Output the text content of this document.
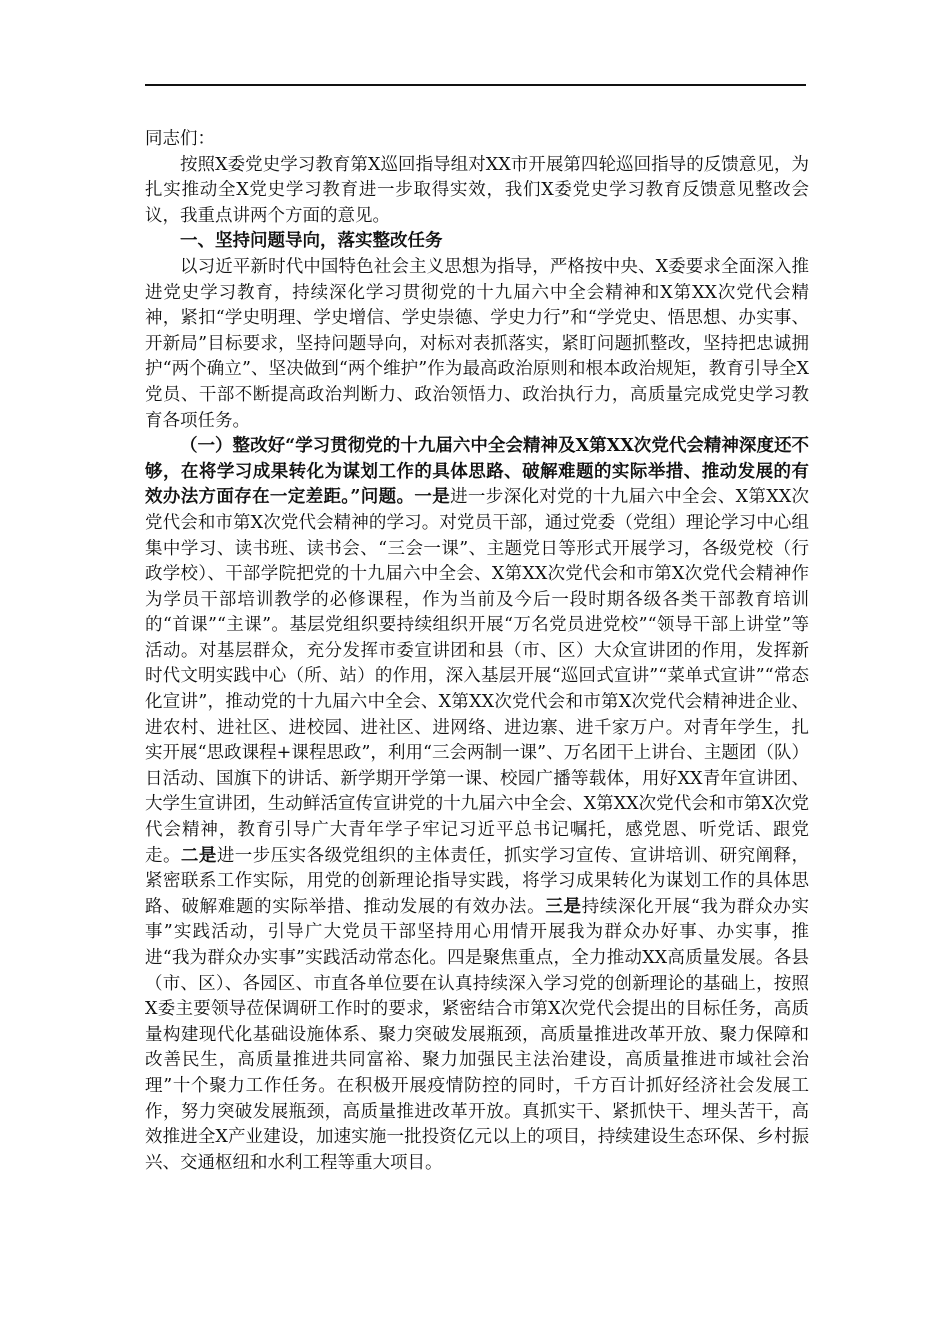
同志们：

按照X委党史学习教育第X巡回指导组对XX市开展第四轮巡回指导的反馈意见，为扎实推动全X党史学习教育进一步取得实效，我们X委党史学习教育反馈意见整改会议，我重点讲两个方面的意见。

一、坚持问题导向，落实整改任务

以习近平新时代中国特色社会主义思想为指导，严格按中央、X委要求全面深入推进党史学习教育，持续深化学习贯彻党的十九届六中全会精神和X第XX次党代会精神，紧扣“学史明理、学史增信、学史崇德、学史力行”和“学党史、悟思想、办实事、开新局”目标要求，坚持问题导向，对标对表抓落实，紧盯问题抓整改，坚持把忠诚拥护“两个确立”、坚决做到“两个维护”作为最高政治原则和根本政治规矩，教育引导全X党员、干部不断提高政治判断力、政治领悟力、政治执行力，高质量完成党史学习教育各项任务。

（一）整改好“学习贯彻党的十九届六中全会精神及X第XX次党代会精神深度还不够，在将学习成果转化为谋划工作的具体思路、破解难题的实际举措、推动发展的有效办法方面存在一定差距。”问题。一是进一步深化对党的十九届六中全会、X第XX次党代会和市第X次党代会精神的学习。对党员干部，通过党委（党组）理论学习中心组集中学习、读书班、读书会、“三会一课”、主题党日等形式开展学习，各级党校（行政学校）、干部学院把党的十九届六中全会、X第XX次党代会和市第X次党代会精神作为学员干部培训教学的必修课程，作为当前及今后一段时期各级各类干部教育培训的“首课”“主课”。基层党组织要持续组织开展“万名党员进党校”“领导干部上讲堂”等活动。对基层群众，充分发挥市委宣讲团和县（市、区）大众宣讲团的作用，发挥新时代文明实践中心（所、站）的作用，深入基层开展“巡回式宣讲”“菜单式宣讲”“常态化宣讲”，推动党的十九届六中全会、X第XX次党代会和市第X次党代会精神进企业、进农村、进社区、进校园、进社区、进网络、进边寨、进千家万户。对青年学生，扎实开展“思政课程+课程思政”，利用“三会两制一课”、万名团干上讲台、主题团（队）日活动、国旗下的讲话、新学期开学第一课、校园广播等载体，用好XX青年宣讲团、大学生宣讲团，生动鲜活宣传宣讲党的十九届六中全会、X第XX次党代会和市第X次党代会精神，教育引导广大青年学子牢记习近平总书记嘱托，感党恩、听党话、跟党走。二是进一步压实各级党组织的主体责任，抓实学习宣传、宣讲培训、研究阐释，紧密联系工作实际，用党的创新理论指导实践，将学习成果转化为谋划工作的具体思路、破解难题的实际举措、推动发展的有效办法。三是持续深化开展“我为群众办实事”实践活动，引导广大党员干部坚持用心用情开展我为群众办好事、办实事，推进“我为群众办实事”实践活动常态化。四是聚焦重点，全力推动XX高质量发展。各县（市、区）、各园区、市直各单位要在认真持续深入学习党的创新理论的基础上，按照X委主要领导莅保调研工作时的要求，紧密结合市第X次党代会提出的目标任务，高质量构建现代化基础设施体系、聚力突破发展瓶颈，高质量推进改革开放、聚力保障和改善民生，高质量推进共同富裕、聚力加强民主法治建设，高质量推进市域社会治理”十个聚力工作任务。在积极开展疫情防控的同时，千方百计抓好经济社会发展工作，努力突破发展瓶颈，高质量推进改革开放。真抓实干、紧抓快干、埋头苦干，高效推进全X产业建设，加速实施一批投资亿元以上的项目，持续建设生态环保、乡村振兴、交通枢纽和水利工程等重大项目。
